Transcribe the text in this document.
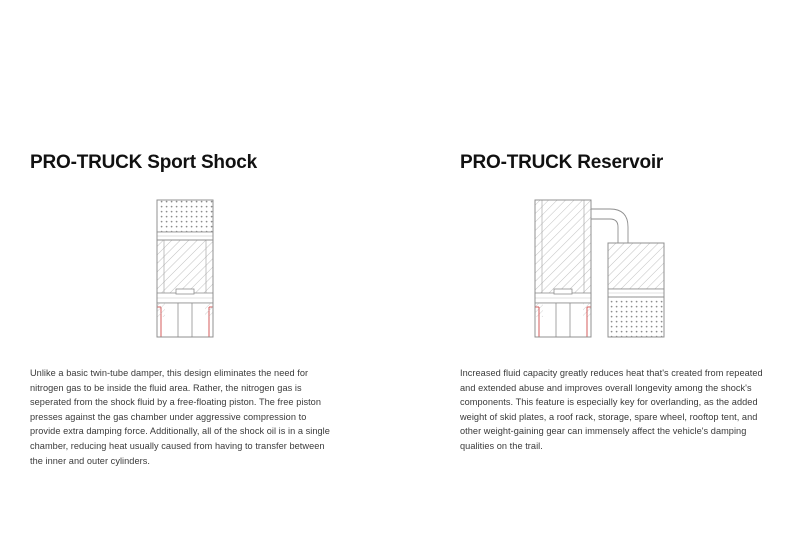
PRO-TRUCK Sport Shock
Unlike a basic twin-tube damper, this design eliminates the need for nitrogen gas to be inside the fluid area. Rather, the nitrogen gas is seperated from the shock fluid by a free-floating piston. The free piston presses against the gas chamber under aggressive compression to provide extra damping force. Additionally, all of the shock oil is in a single chamber, reducing heat usually caused from having to transfer between the inner and outer cylinders.
PRO-TRUCK Reservoir
Increased fluid capacity greatly reduces heat that's created from repeated and extended abuse and improves overall longevity among the shock's components. This feature is especially key for overlanding, as the added weight of skid plates, a roof rack, storage, spare wheel, rooftop tent, and other weight-gaining gear can immensely affect the vehicle's damping qualities on the trail.
